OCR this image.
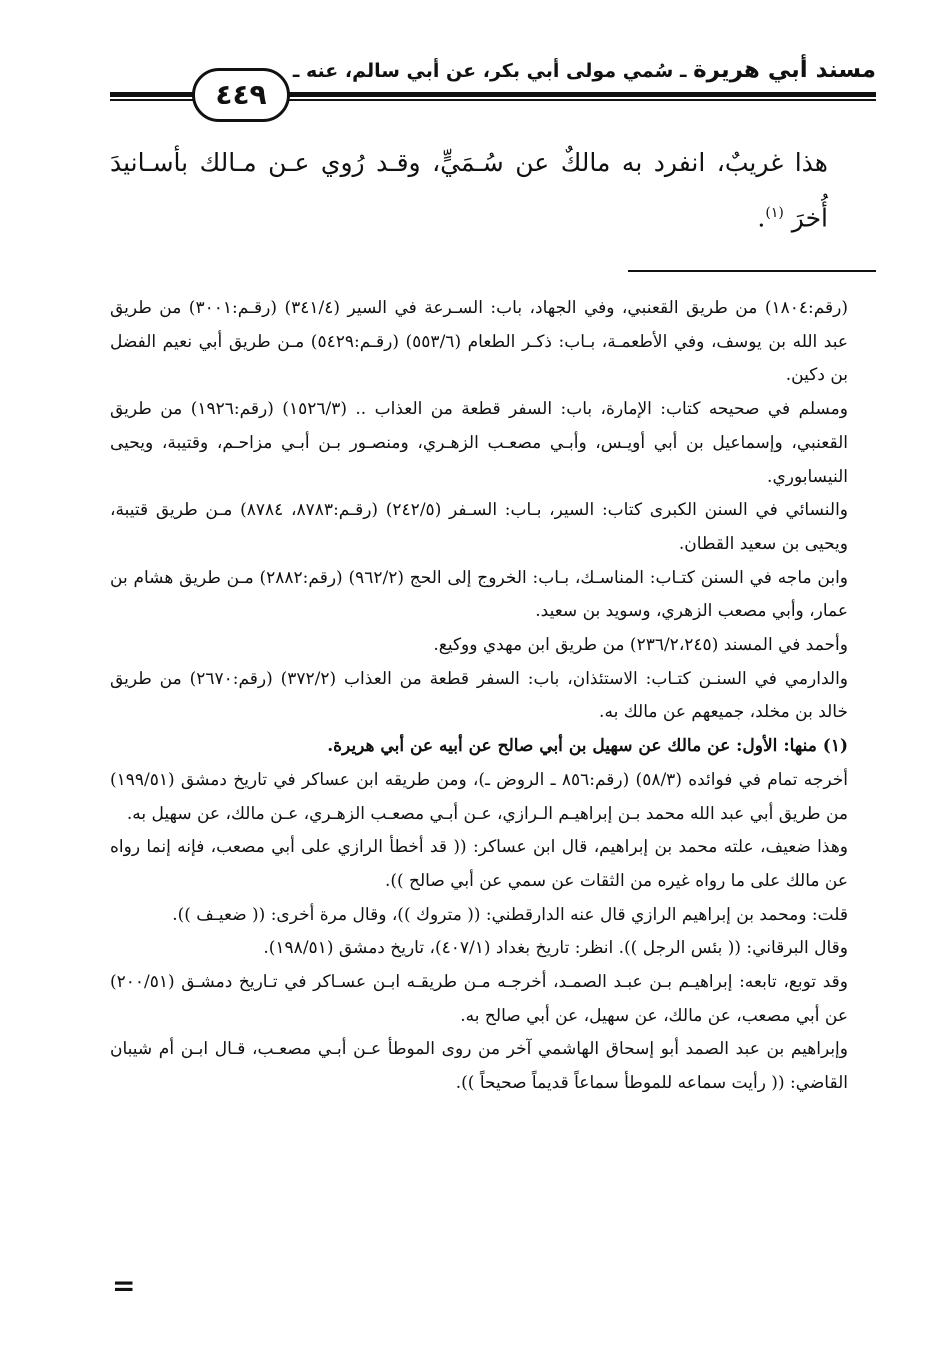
مسند أبي هريرة ـ سُمي مولى أبي بكر، عن أبي سالم، عنه ـ
٤٤٩
هذا غريبٌ، انفرد به مالكٌ عن سُـمَيٍّ، وقـد رُوي عـن مـالك بأسـانيدَ أُخرَ $^{(١)}$.

(رقم:١٨٠٤) من طريق القعنبي، وفي الجهاد، باب: السـرعة في السير (٣٤١/٤) (رقـم:٣٠٠١) من طريق عبد الله بن يوسف، وفي الأطعمـة، بـاب: ذكـر الطعام (٥٥٣/٦) (رقـم:٥٤٢٩) مـن طريق أبي نعيم الفضل بن دكين.

ومسلم في صحيحه كتاب: الإمارة، باب: السفر قطعة من العذاب .. (١٥٢٦/٣) (رقم:١٩٢٦) من طريق القعنبي، وإسماعيل بن أبي أويـس، وأبـي مصعـب الزهـري، ومنصـور بـن أبـي مزاحـم، وقتيبة، ويحيى النيسابوري.

والنسائي في السنن الكبرى كتاب: السير، بـاب: السـفر (٢٤٢/٥) (رقـم:٨٧٨٣، ٨٧٨٤) مـن طريق قتيبة، ويحيى بن سعيد القطان.

وابن ماجه في السنن كتـاب: المناسـك، بـاب: الخروج إلى الحج (٩٦٢/٢) (رقم:٢٨٨٢) مـن طريق هشام بن عمار، وأبي مصعب الزهري، وسويد بن سعيد.

وأحمد في المسند (٢٣٦/٢،٢٤٥) من طريق ابن مهدي ووكيع.

والدارمي في السنـن كتـاب: الاستئذان، باب: السفر قطعة من العذاب (٣٧٢/٢) (رقم:٢٦٧٠) من طريق خالد بن مخلد، جميعهم عن مالك به.

(١) منها: الأول: عن مالك عن سهيل بن أبي صالح عن أبيه عن أبي هريرة.

أخرجه تمام في فوائده (٥٨/٣) (رقم:٨٥٦ ـ الروض ـ)، ومن طريقه ابن عساكر في تاريخ دمشق (١٩٩/٥١) من طريق أبي عبد الله محمد بـن إبراهيـم الـرازي، عـن أبـي مصعـب الزهـري، عـن مالك، عن سهيل به.

وهذا ضعيف، علته محمد بن إبراهيم، قال ابن عساكر: (( قد أخطأ الرازي على أبي مصعب، فإنه إنما رواه عن مالك على ما رواه غيره من الثقات عن سمي عن أبي صالح )).

قلت: ومحمد بن إبراهيم الرازي قال عنه الدارقطني: (( متروك ))، وقال مرة أخرى: (( ضعيـف )).

وقال البرقاني: (( بئس الرجل )). انظر: تاريخ بغداد (٤٠٧/١)، تاريخ دمشق (١٩٨/٥١).

وقد توبع، تابعه: إبراهيـم بـن عبـد الصمـد، أخرجـه مـن طريقـه ابـن عسـاكر في تـاريخ دمشـق (٢٠٠/٥١) عن أبي مصعب، عن مالك، عن سهيل، عن أبي صالح به.

وإبراهيم بن عبد الصمد أبو إسحاق الهاشمي آخر من روى الموطأ عـن أبـي مصعـب، قـال ابـن أم شيبان القاضي: (( رأيت سماعه للموطأ سماعاً قديماً صحيحاً )).

=
